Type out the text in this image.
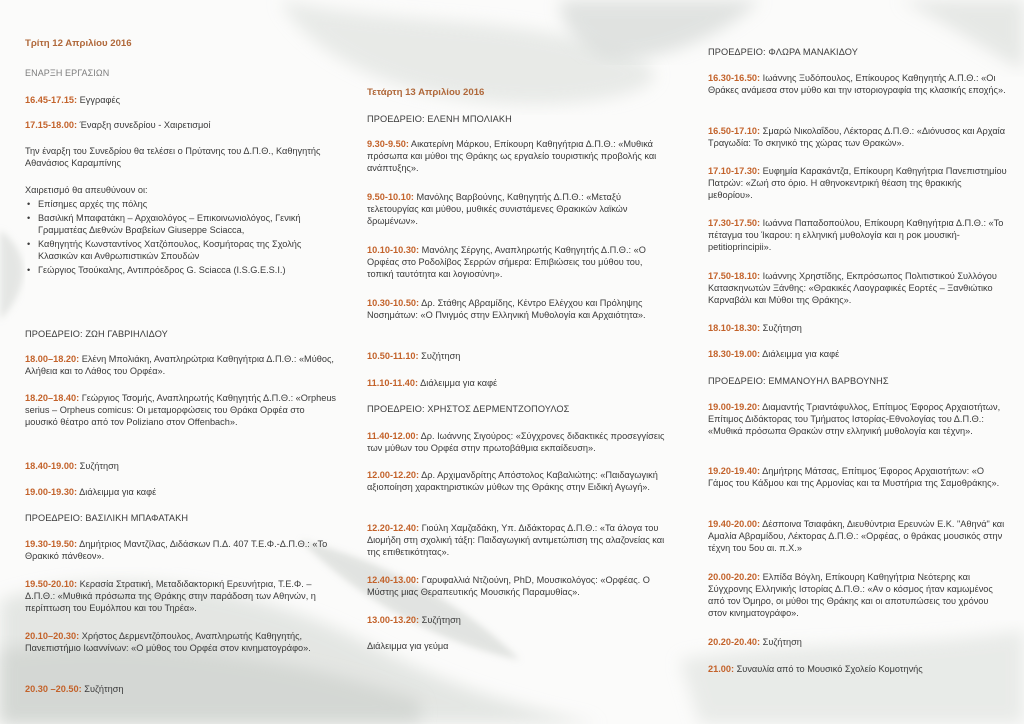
Τρίτη 12 Απριλίου 2016

ΕΝΑΡΞΗ ΕΡΓΑΣΙΩΝ

16.45-17.15: Εγγραφές

17.15-18.00: Έναρξη συνεδρίου - Χαιρετισμοί

Την έναρξη του Συνεδρίου θα τελέσει ο Πρύτανης του Δ.Π.Θ., Καθηγητής Αθανάσιος Καραμπίνης

Χαιρετισμό θα απευθύνουν οι:

• Επίσημες αρχές της πόλης
• Βασιλική Μπαφατάκη – Αρχαιολόγος – Επικοινωνιολόγος, Γενική Γραμματέας Διεθνών Βραβείων Giuseppe Sciacca,
• Καθηγητής Κωνσταντίνος Χατζόπουλος, Κοσμήτορας της Σχολής Κλασικών και Ανθρωπιστικών Σπουδών
• Γεώργιος Τσούκαλης, Αντιπρόεδρος G. Sciacca (I.S.G.E.S.I.)

ΠΡΟΕΔΡΕΙΟ: ΖΩΗ ΓΑΒΡΙΗΛΙΔΟΥ

18.00–18.20: Ελένη Μπολιάκη, Αναπληρώτρια Καθηγήτρια Δ.Π.Θ.: «Μύθος, Αλήθεια και το Λάθος του Ορφέα».

18.20–18.40: Γεώργιος Τσομής, Αναπληρωτής Καθηγητής Δ.Π.Θ.: «Orpheus serius – Orpheus comicus: Οι μεταμορφώσεις του Θράκα Ορφέα στο μουσικό θέατρο από τον Poliziano στον Offenbach».

18.40-19.00: Συζήτηση

19.00-19.30: Διάλειμμα για καφέ

ΠΡΟΕΔΡΕΙΟ: ΒΑΣΙΛΙΚΗ ΜΠΑΦΑΤΑΚΗ

19.30-19.50: Δημήτριος Μαντζίλας, Διδάσκων Π.Δ. 407 Τ.Ε.Φ.-Δ.Π.Θ.: «Το Θρακικό πάνθεον».

19.50-20.10: Κερασία Στρατική, Μεταδιδακτορική Ερευνήτρια, Τ.Ε.Φ. – Δ.Π.Θ.: «Μυθικά πρόσωπα της Θράκης στην παράδοση των Αθηνών, η περίπτωση του Ευμόλπου και του Τηρέα».

20.10–20.30: Χρήστος Δερμεντζόπουλος, Αναπληρωτής Καθηγητής, Πανεπιστήμιο Ιωαννίνων: «Ο μύθος του Ορφέα στον κινηματογράφο».

20.30 –20.50: Συζήτηση

Τετάρτη 13 Απριλίου 2016

ΠΡΟΕΔΡΕΙΟ: ΕΛΕΝΗ ΜΠΟΛΙΑΚΗ

9.30-9.50: Αικατερίνη Μάρκου, Επίκουρη Καθηγήτρια Δ.Π.Θ.: «Μυθικά πρόσωπα και μύθοι της Θράκης ως εργαλείο τουριστικής προβολής και ανάπτυξης».

9.50-10.10: Μανόλης Βαρβούνης, Καθηγητής Δ.Π.Θ.: «Μεταξύ τελετουργίας και μύθου, μυθικές συνιστάμενες Θρακικών λαϊκών δρωμένων».

10.10-10.30: Μανόλης Σέργης, Αναπληρωτής Καθηγητής Δ.Π.Θ.: «Ο Ορφέας στο Ροδολίβος Σερρών σήμερα: Επιβιώσεις του μύθου του, τοπική ταυτότητα και λογιοσύνη».

10.30-10.50: Δρ. Στάθης Αβραμίδης, Κέντρο Ελέγχου και Πρόληψης Νοσημάτων: «Ο Πνιγμός στην Ελληνική Μυθολογία και Αρχαιότητα».

10.50-11.10: Συζήτηση

11.10-11.40: Διάλειμμα για καφέ

ΠΡΟΕΔΡΕΙΟ: ΧΡΗΣΤΟΣ ΔΕΡΜΕΝΤΖΟΠΟΥΛΟΣ

11.40-12.00: Δρ. Ιωάννης Σιγούρος: «Σύγχρονες διδακτικές προσεγγίσεις των μύθων του Ορφέα στην πρωτοβάθμια εκπαίδευση».

12.00-12.20: Δρ. Αρχιμανδρίτης Απόστολος Καβαλιώτης: «Παιδαγωγική αξιοποίηση χαρακτηριστικών μύθων της Θράκης στην Ειδική Αγωγή».

12.20-12.40: Γιούλη Χαμζαδάκη, Υπ. Διδάκτορας Δ.Π.Θ.: «Τα άλογα του Διομήδη στη σχολική τάξη: Παιδαγωγική αντιμετώπιση της αλαζονείας και της επιθετικότητας».

12.40-13.00: Γαρυφαλλιά Ντζιούνη, PhD, Μουσικολόγος: «Ορφέας. Ο Μύστης μιας Θεραπευτικής Μουσικής Παραμυθίας».

13.00-13.20: Συζήτηση

Διάλειμμα για γεύμα

ΠΡΟΕΔΡΕΙΟ: ΦΛΩΡΑ ΜΑΝΑΚΙΔΟΥ

16.30-16.50: Ιωάννης Ξυδόπουλος, Επίκουρος Καθηγητής Α.Π.Θ.: «Οι Θράκες ανάμεσα στον μύθο και την ιστοριογραφία της κλασικής εποχής».

16.50-17.10: Σμαρώ Νικολαΐδου, Λέκτορας Δ.Π.Θ.: «Διόνυσος και Αρχαία Τραγωδία: Το σκηνικό της χώρας των Θρακών».

17.10-17.30: Ευφημία Καρακάντζα, Επίκουρη Καθηγήτρια Πανεπιστημίου Πατρών: «Ζωή στο όριο. Η αθηνοκεντρική θέαση της θρακικής μεθορίου».

17.30-17.50: Ιωάννα Παπαδοπούλου, Επίκουρη Καθηγήτρια Δ.Π.Θ.: «Το πέταγμα του Ίκαρου: η ελληνική μυθολογία και η ροκ μουσική-petitioprincipii».

17.50-18.10: Ιωάννης Χρηστίδης, Εκπρόσωπος Πολιτιστικού Συλλόγου Κατασκηνωτών Ξάνθης: «Θρακικές Λαογραφικές Εορτές – Ξανθιώτικο Καρναβάλι και Μύθοι της Θράκης».

18.10-18.30: Συζήτηση

18.30-19.00: Διάλειμμα για καφέ

ΠΡΟΕΔΡΕΙΟ: ΕΜΜΑΝΟΥΗΛ ΒΑΡΒΟΥΝΗΣ

19.00-19.20: Διαμαντής Τριαντάφυλλος, Επίτιμος Έφορος Αρχαιοτήτων, Επίτιμος Διδάκτορας του Τμήματος Ιστορίας-Εθνολογίας του Δ.Π.Θ.: «Μυθικά πρόσωπα Θρακών στην ελληνική μυθολογία και τέχνη».

19.20-19.40: Δημήτρης Μάτσας, Επίτιμος Έφορος Αρχαιοτήτων: «Ο Γάμος του Κάδμου και της Αρμονίας και τα Μυστήρια της Σαμοθράκης».

19.40-20.00: Δέσποινα Τσιαφάκη, Διευθύντρια Ερευνών Ε.Κ. "Αθηνά" και Αμαλία Αβραμίδου, Λέκτορας Δ.Π.Θ.: «Ορφέας, ο θράκας μουσικός στην τέχνη του 5ου αι. π.Χ.»

20.00-20.20: Ελπίδα Βόγλη, Επίκουρη Καθηγήτρια Νεότερης και Σύγχρονης Ελληνικής Ιστορίας Δ.Π.Θ.: «Αν ο κόσμος ήταν καμωμένος από τον Όμηρο, οι μύθοι της Θράκης και οι αποτυπώσεις του χρόνου στον κινηματογράφο».

20.20-20.40: Συζήτηση

21.00: Συναυλία από το Μουσικό Σχολείο Κομοτηνής
